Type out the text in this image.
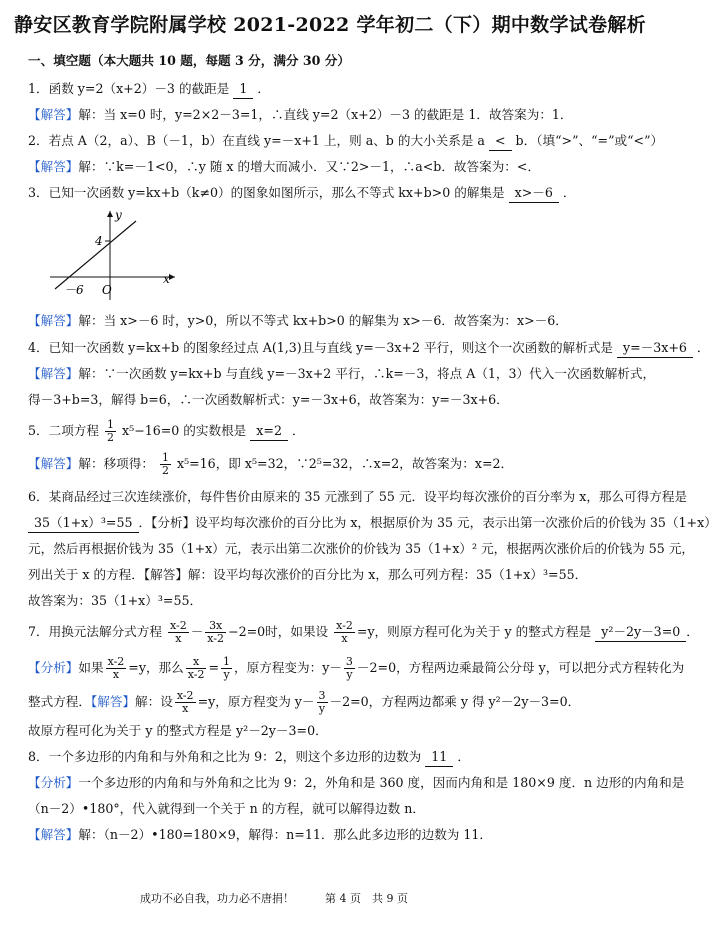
静安区教育学院附属学校 2021-2022 学年初二（下）期中数学试卷解析
一、填空题（本大题共 10 题，每题 3 分，满分 30 分）
1．函数 y=2（x+2）－3 的截距是 1 ．
【解答】解：当 x=0 时，y=2×2－3=1，∴直线 y=2（x+2）－3 的截距是 1．故答案为：1．
2．若点 A（2，a）、B（－1，b）在直线 y=－x+1 上，则 a、b 的大小关系是 a < b．（填“>”、“=”或“<”）
【解答】解：∵k=－1<0，∴y 随 x 的增大而减小．又∵2>－1，∴a<b．故答案为：<．
3．已知一次函数 y=kx+b（k≠0）的图象如图所示，那么不等式 kx+b>0 的解集是 x>－6 ．
y
x
4
－6 O
【解答】解：当 x>－6 时，y>0，所以不等式 kx+b>0 的解集为 x>－6．故答案为：x>－6．
4．已知一次函数 y=kx+b 的图象经过点 A(1,3)且与直线 y=－3x+2 平行，则这个一次函数的解析式是 y=－3x+6 ．
【解答】解：∵一次函数 y=kx+b 与直线 y=－3x+2 平行，∴k=－3，将点 A（1，3）代入一次函数解析式，
得－3+b=3，解得 b=6，∴一次函数解析式：y=－3x+6，故答案为：y=－3x+6．
5．二项方程 $\frac{1}{2} x^5-16=0$ 的实数根是 x=2 ．
【解答】解：移项得： $\frac{1}{2} x^5=16$，即 x⁵=32，∵2⁵=32，∴x=2，故答案为：x=2．
6．某商品经过三次连续涨价，每件售价由原来的 35 元涨到了 55 元．设平均每次涨价的百分率为 x，那么可得方程是
35（1+x）³=55 ．【分析】设平均每次涨价的百分比为 x，根据原价为 35 元，表示出第一次涨价后的价钱为 35（1+x）
元，然后再根据价钱为 35（1+x）元，表示出第二次涨价的价钱为 35（1+x）² 元，根据两次涨价后的价钱为 55 元，
列出关于 x 的方程．【解答】解：设平均每次涨价的百分比为 x，那么可列方程：35（1+x）³=55．
故答案为：35（1+x）³=55．
7．用换元法解分式方程 $\frac{x-2}{x} - \frac{3x}{x-2} -2=0$时，如果设 $\frac{x-2}{x} =y$，则原方程可化为关于 y 的整式方程是 y²－2y－3=0 ．
【分析】如果 $\frac{x-2}{x} =y$，那么 $\frac{x}{x-2} = \frac{1}{y}$ ，原方程变为：$y- \frac{3}{y} -2=0$，方程两边乘最简公分母 y，可以把分式方程转化为
整式方程．【解答】解：设 $\frac{x-2}{x} =y$，原方程变为 $y- \frac{3}{y} -2=0$，方程两边都乘 y 得 y²－2y－3=0．
故原方程可化为关于 y 的整式方程是 y²－2y－3=0．
8．一个多边形的内角和与外角和之比为 9：2，则这个多边形的边数为 11 ．
【分析】一个多边形的内角和与外角和之比为 9：2，外角和是 360 度，因而内角和是 180×9 度．n 边形的内角和是
（n－2）•180°，代入就得到一个关于 n 的方程，就可以解得边数 n．
【解答】解：（n－2）•180=180×9，解得：n=11．那么此多边形的边数为 11．
成功不必自我，功力必不唐捐！	第 4 页　共 9 页
